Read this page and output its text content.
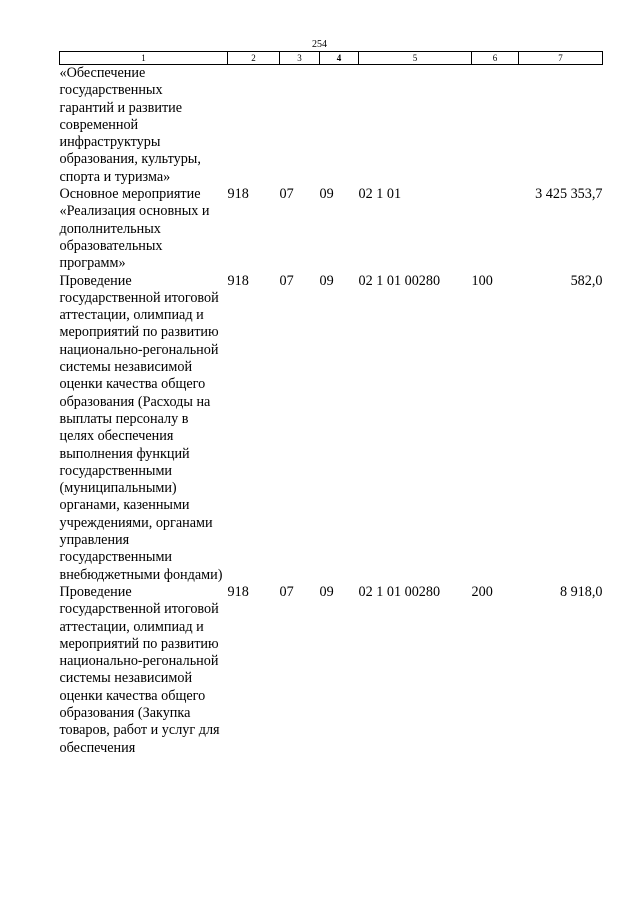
254
1	2	3	4	5	6	7
«Обеспечение государственных гарантий и развитие современной инфраструктуры образования, культуры, спорта и туризма»						
Основное мероприятие «Реализация основных и дополнительных образовательных программ»	918	07	09	02 1 01		3 425 353,7
Проведение государственной итоговой аттестации, олимпиад и мероприятий по развитию национально-регональной системы независимой оценки качества общего образования (Расходы на выплаты персоналу в целях обеспечения выполнения функций государственными (муниципальными) органами, казенными учреждениями, органами управления государственными внебюджетными фондами)	918	07	09	02 1 01 00280	100	582,0
Проведение государственной итоговой аттестации, олимпиад и мероприятий по развитию национально-регональной системы независимой оценки качества общего образования (Закупка товаров, работ и услуг для обеспечения	918	07	09	02 1 01 00280	200	8 918,0
